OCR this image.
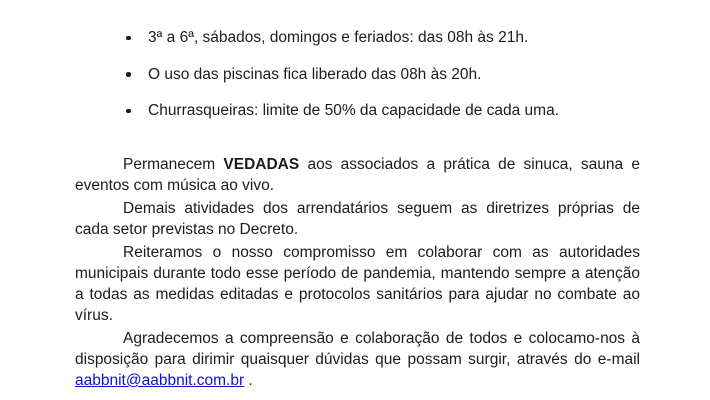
3ª a 6ª, sábados, domingos e feriados: das 08h às 21h.
O uso das piscinas fica liberado das 08h às 20h.
Churrasqueiras: limite de 50% da capacidade de cada uma.

Permanecem VEDADAS aos associados a prática de sinuca, sauna e eventos com música ao vivo.

Demais atividades dos arrendatários seguem as diretrizes próprias de cada setor previstas no Decreto.

Reiteramos o nosso compromisso em colaborar com as autoridades municipais durante todo esse período de pandemia, mantendo sempre a atenção a todas as medidas editadas e protocolos sanitários para ajudar no combate ao vírus.

Agradecemos a compreensão e colaboração de todos e colocamo-nos à disposição para dirimir quaisquer dúvidas que possam surgir, através do e-mail aabbnit@aabbnit.com.br .
